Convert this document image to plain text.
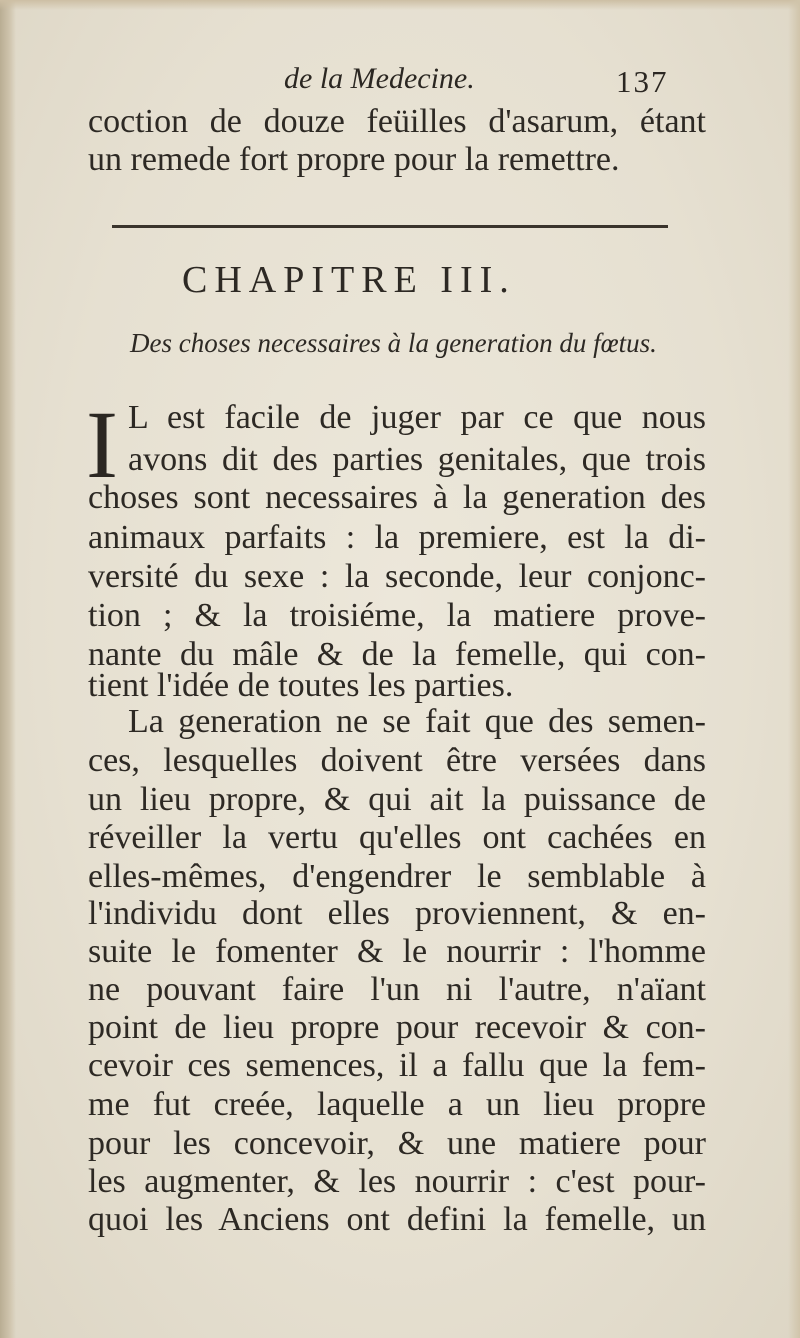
de la Medecine.	137
coction de douze feüilles d'asarum, étant
un remede fort propre pour la remettre.
CHAPITRE III.
Des choses necessaires à la generation du fœtus.
I L est facile de juger par ce que nous
avons dit des parties genitales, que trois
choses sont necessaires à la generation des
animaux parfaits : la premiere, est la di-
versité du sexe : la seconde, leur conjonc-
tion ; & la troisiéme, la matiere prove-
nante du mâle & de la femelle, qui con-
tient l'idée de toutes les parties.
La generation ne se fait que des semen-
ces, lesquelles doivent être versées dans
un lieu propre, & qui ait la puissance de
réveiller la vertu qu'elles ont cachées en
elles-mêmes, d'engendrer le semblable à
l'individu dont elles proviennent, & en-
suite le fomenter & le nourrir : l'homme
ne pouvant faire l'un ni l'autre, n'aïant
point de lieu propre pour recevoir & con-
cevoir ces semences, il a fallu que la fem-
me fut creée, laquelle a un lieu propre
pour les concevoir, & une matiere pour
les augmenter, & les nourrir : c'est pour-
quoi les Anciens ont defini la femelle, un
